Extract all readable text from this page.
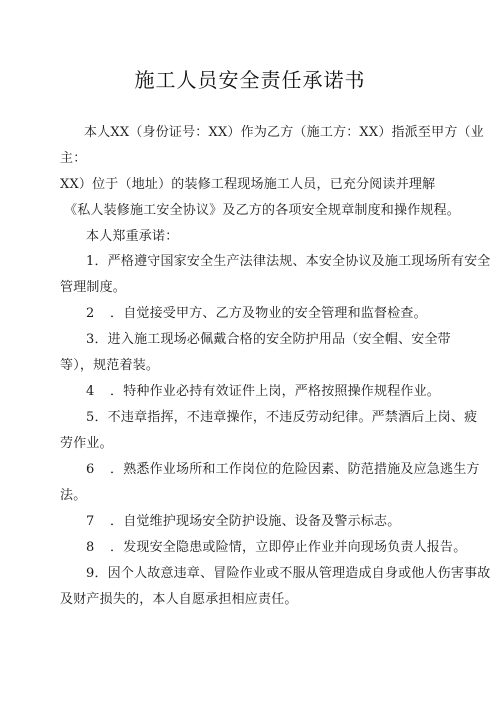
施工人员安全责任承诺书
本人XX（身份证号：XX）作为乙方（施工方：XX）指派至甲方（业
主：
XX）位于（地址）的装修工程现场施工人员，已充分阅读并理解
《私人装修施工安全协议》及乙方的各项安全规章制度和操作规程。
本人郑重承诺：
1．严格遵守国家安全生产法律法规、本安全协议及施工现场所有安全
管理制度。
2 ．自觉接受甲方、乙方及物业的安全管理和监督检查。
3．进入施工现场必佩戴合格的安全防护用品（安全帽、安全带
等），规范着装。
4 ．特种作业必持有效证件上岗，严格按照操作规程作业。
5．不违章指挥，不违章操作，不违反劳动纪律。严禁酒后上岗、疲
劳作业。
6 ．熟悉作业场所和工作岗位的危险因素、防范措施及应急逃生方
法。
7 ．自觉维护现场安全防护设施、设备及警示标志。
8 ．发现安全隐患或险情，立即停止作业并向现场负责人报告。
9．因个人故意违章、冒险作业或不服从管理造成自身或他人伤害事故
及财产损失的，本人自愿承担相应责任。
